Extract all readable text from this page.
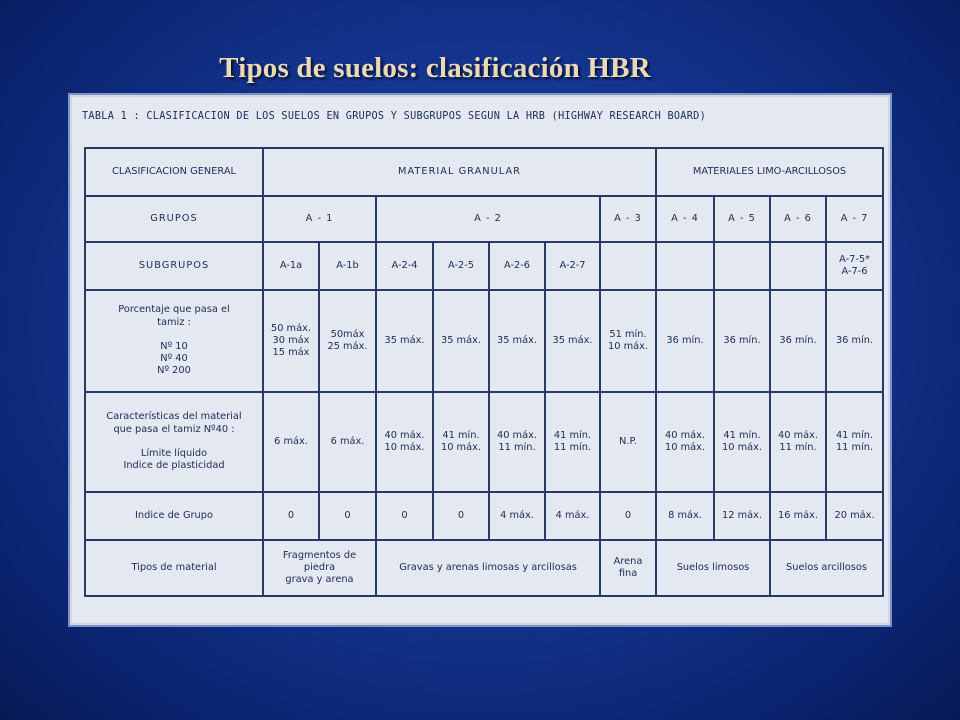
Tipos de suelos: clasificación HBR
TABLA 1 : CLASIFICACION DE LOS SUELOS EN GRUPOS Y SUBGRUPOS SEGUN LA HRB (HIGHWAY RESEARCH BOARD)
CLASIFICACION GENERAL	MATERIAL GRANULAR							MATERIALES LIMO-ARCILLOSOS			
GRUPOS	A - 1		A - 2				A - 3	A - 4	A - 5	A - 6	A - 7
SUBGRUPOS	A-1a	A-1b	A-2-4	A-2-5	A-2-6	A-2-7					A-7-5*
A-7-6
Porcentaje que pasa el
tamiz :

Nº 10
Nº 40
Nº 200	50 máx.
30 máx
15 máx	50máx
25 máx.	35 máx.	35 máx.	35 máx.	35 máx.	51 mín.
10 máx.	36 mín.	36 mín.	36 mín.	36 mín.
Características del material
que pasa el tamiz Nº40 :

Límite líquido
Indice de plasticidad	6 máx.	6 máx.	40 máx.
10 máx.	41 mín.
10 máx.	40 máx.
11 mín.	41 mín.
11 mín.	N.P.	40 máx.
10 máx.	41 mín.
10 máx.	40 máx.
11 mín.	41 mín.
11 mín.
Indice de Grupo	0	0	0	0	4 máx.	4 máx.	0	8 máx.	12 máx.	16 máx.	20 máx.
Tipos de material	Fragmentos de piedra
grava y arena		Gravas y arenas limosas y arcillosas				Arena
fina	Suelos limosos		Suelos arcillosos	
